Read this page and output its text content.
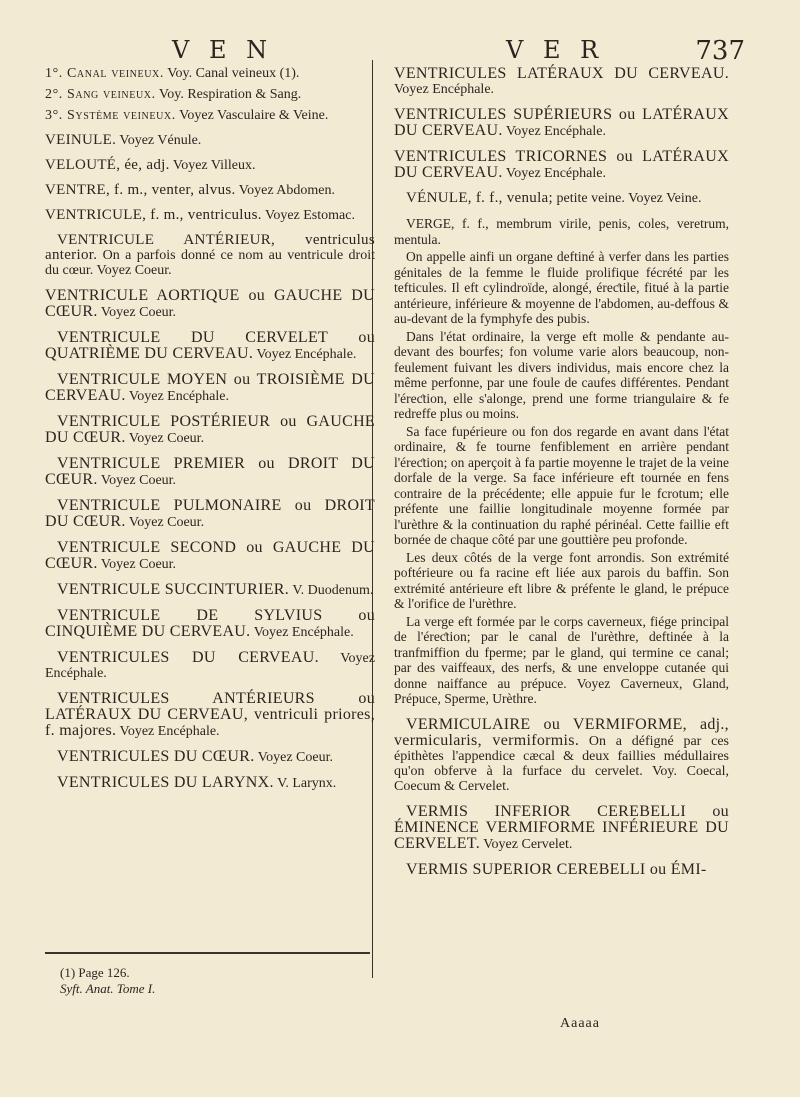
V E N	V E R	737
1°. Canal veineux. Voy. Canal veineux (1).
2°. Sang veineux. Voy. Respiration & Sang.
3°. Système veineux. Voyez Vasculaire & Veine.
VEINULE. Voyez Vénule.
VELOUTÉ, ée, adj. Voyez Villeux.
VENTRE, f. m., venter, alvus. Voyez Abdomen.
VENTRICULE, f. m., ventriculus. Voyez Estomac.
VENTRICULE ANTÉRIEUR, ventriculus anterior. On a parfois donné ce nom au ventricule droit du cœur. Voyez Coeur.
VENTRICULE AORTIQUE ou GAUCHE DU CŒUR. Voyez Coeur.
VENTRICULE DU CERVELET ou QUATRIÈME DU CERVEAU. Voyez Encéphale.
VENTRICULE MOYEN ou TROISIÈME DU CERVEAU. Voyez Encéphale.
VENTRICULE POSTÉRIEUR ou GAUCHE DU CŒUR. Voyez Coeur.
VENTRICULE PREMIER ou DROIT DU CŒUR. Voyez Coeur.
VENTRICULE PULMONAIRE ou DROIT DU CŒUR. Voyez Coeur.
VENTRICULE SECOND ou GAUCHE DU CŒUR. Voyez Coeur.
VENTRICULE SUCCINTURIER. V. Duodenum.
VENTRICULE DE SYLVIUS ou CINQUIÈME DU CERVEAU. Voyez Encéphale.
VENTRICULES DU CERVEAU. Voyez Encéphale.
VENTRICULES ANTÉRIEURS ou LATÉRAUX DU CERVEAU, ventriculi priores, f. majores. Voyez Encéphale.
VENTRICULES DU CŒUR. Voyez Coeur.
VENTRICULES DU LARYNX. V. Larynx.
(1) Page 126.
Syft. Anat. Tome I.
VENTRICULES LATÉRAUX DU CERVEAU. Voyez Encéphale.
VENTRICULES SUPÉRIEURS ou LATÉRAUX DU CERVEAU. Voyez Encéphale.
VENTRICULES TRICORNES ou LATÉRAUX DU CERVEAU. Voyez Encéphale.
VÉNULE, f. f., venula; petite veine. Voyez Veine.

VERGE, f. f., membrum virile, penis, coles, veretrum, mentula.

On appelle ainfi un organe deftiné à verfer dans les parties génitales de la femme le fluide prolifique fécrété par les tefticules. Il eft cylindroïde, alongé, éreƈtile, fitué à la partie antérieure, inférieure & moyenne de l'abdomen, au-deffous & au-devant de la fymphyfe des pubis.

Dans l'état ordinaire, la verge eft molle & pendante au-devant des bourfes; fon volume varie alors beaucoup, non-feulement fuivant les divers individus, mais encore chez la même perfonne, par une foule de caufes différentes. Pendant l'éreƈtion, elle s'alonge, prend une forme triangulaire & fe redreffe plus ou moins.

Sa face fupérieure ou fon dos regarde en avant dans l'état ordinaire, & fe tourne fenfiblement en arrière pendant l'éreƈtion; on aperçoit à fa partie moyenne le trajet de la veine dorfale de la verge. Sa face inférieure eft tournée en fens contraire de la précédente; elle appuie fur le fcrotum; elle préfente une faillie longitudinale moyenne formée par l'urèthre & la continuation du raphé périnéal. Cette faillie eft bornée de chaque côté par une gouttière peu profonde.

Les deux côtés de la verge font arrondis. Son extrémité poftérieure ou fa racine eft liée aux parois du baffin. Son extrémité antérieure eft libre & préfente le gland, le prépuce & l'orifice de l'urèthre.

La verge eft formée par le corps caverneux, fiége principal de l'éreƈtion; par le canal de l'urèthre, deftinée à la tranfmiffion du fperme; par le gland, qui termine ce canal; par des vaiffeaux, des nerfs, & une enveloppe cutanée qui donne naiffance au prépuce. Voyez Caverneux, Gland, Prépuce, Sperme, Urèthre.

VERMICULAIRE ou VERMIFORME, adj., vermicularis, vermiformis. On a défigné par ces épithètes l'appendice cæcal & deux faillies médullaires qu'on obferve à la furface du cervelet. Voy. Coecal, Coecum & Cervelet.
VERMIS INFERIOR CEREBELLI ou ÉMINENCE VERMIFORME INFÉRIEURE DU CERVELET. Voyez Cervelet.
VERMIS SUPERIOR CEREBELLI ou ÉMI-
Aaaaa
